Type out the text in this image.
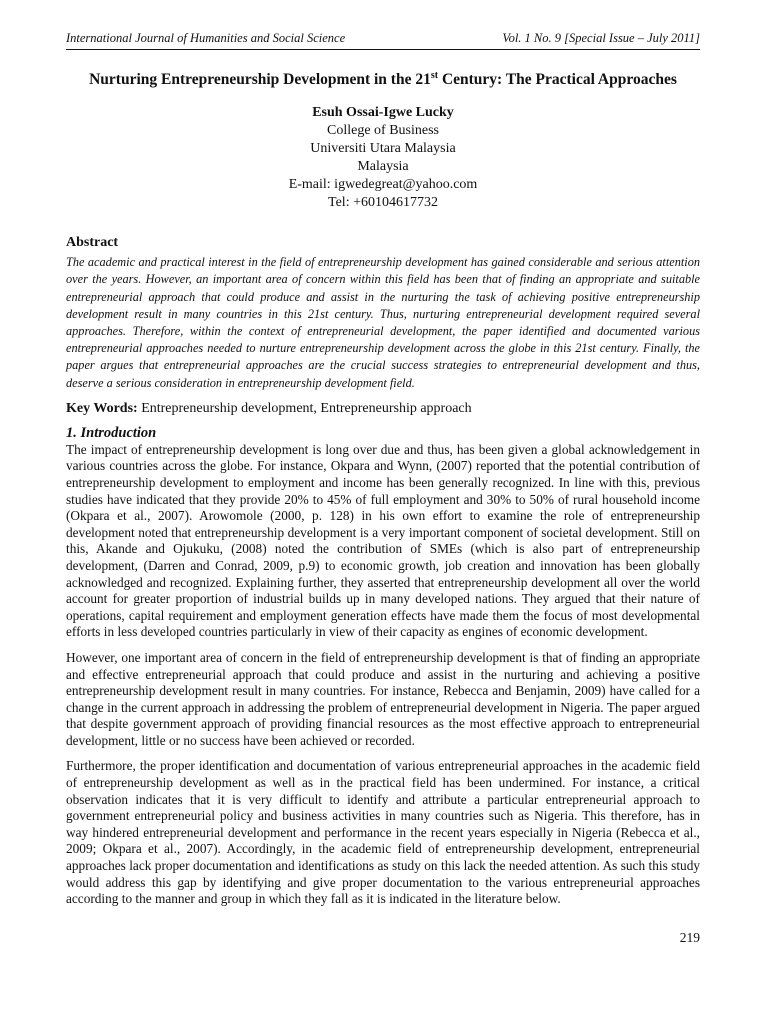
International Journal of Humanities and Social Science	Vol. 1 No. 9 [Special Issue – July 2011]
Nurturing Entrepreneurship Development in the 21st Century: The Practical Approaches
Esuh Ossai-Igwe Lucky
College of Business
Universiti Utara Malaysia
Malaysia
E-mail: igwedegreat@yahoo.com
Tel: +60104617732
Abstract
The academic and practical interest in the field of entrepreneurship development has gained considerable and serious attention over the years. However, an important area of concern within this field has been that of finding an appropriate and suitable entrepreneurial approach that could produce and assist in the nurturing the task of achieving positive entrepreneurship development result in many countries in this 21st century. Thus, nurturing entrepreneurial development required several approaches. Therefore, within the context of entrepreneurial development, the paper identified and documented various entrepreneurial approaches needed to nurture entrepreneurship development across the globe in this 21st century. Finally, the paper argues that entrepreneurial approaches are the crucial success strategies to entrepreneurial development and thus, deserve a serious consideration in entrepreneurship development field.
Key Words: Entrepreneurship development, Entrepreneurship approach
1. Introduction

The impact of entrepreneurship development is long over due and thus, has been given a global acknowledgement in various countries across the globe. For instance, Okpara and Wynn, (2007) reported that the potential contribution of entrepreneurship development to employment and income has been generally recognized. In line with this, previous studies have indicated that they provide 20% to 45% of full employment and 30% to 50% of rural household income (Okpara et al., 2007). Arowomole (2000, p. 128) in his own effort to examine the role of entrepreneurship development noted that entrepreneurship development is a very important component of societal development. Still on this, Akande and Ojukuku, (2008) noted the contribution of SMEs (which is also part of entrepreneurship development, (Darren and Conrad, 2009, p.9) to economic growth, job creation and innovation has been globally acknowledged and recognized. Explaining further, they asserted that entrepreneurship development all over the world account for greater proportion of industrial builds up in many developed nations. They argued that their nature of operations, capital requirement and employment generation effects have made them the focus of most developmental efforts in less developed countries particularly in view of their capacity as engines of economic development.

However, one important area of concern in the field of entrepreneurship development is that of finding an appropriate and effective entrepreneurial approach that could produce and assist in the nurturing and achieving a positive entrepreneurship development result in many countries. For instance, Rebecca and Benjamin, 2009) have called for a change in the current approach in addressing the problem of entrepreneurial development in Nigeria. The paper argued that despite government approach of providing financial resources as the most effective approach to entrepreneurial development, little or no success have been achieved or recorded.

Furthermore, the proper identification and documentation of various entrepreneurial approaches in the academic field of entrepreneurship development as well as in the practical field has been undermined. For instance, a critical observation indicates that it is very difficult to identify and attribute a particular entrepreneurial approach to government entrepreneurial policy and business activities in many countries such as Nigeria. This therefore, has in way hindered entrepreneurial development and performance in the recent years especially in Nigeria (Rebecca et al., 2009; Okpara et al., 2007). Accordingly, in the academic field of entrepreneurship development, entrepreneurial approaches lack proper documentation and identifications as study on this lack the needed attention. As such this study would address this gap by identifying and give proper documentation to the various entrepreneurial approaches according to the manner and group in which they fall as it is indicated in the literature below.

219
